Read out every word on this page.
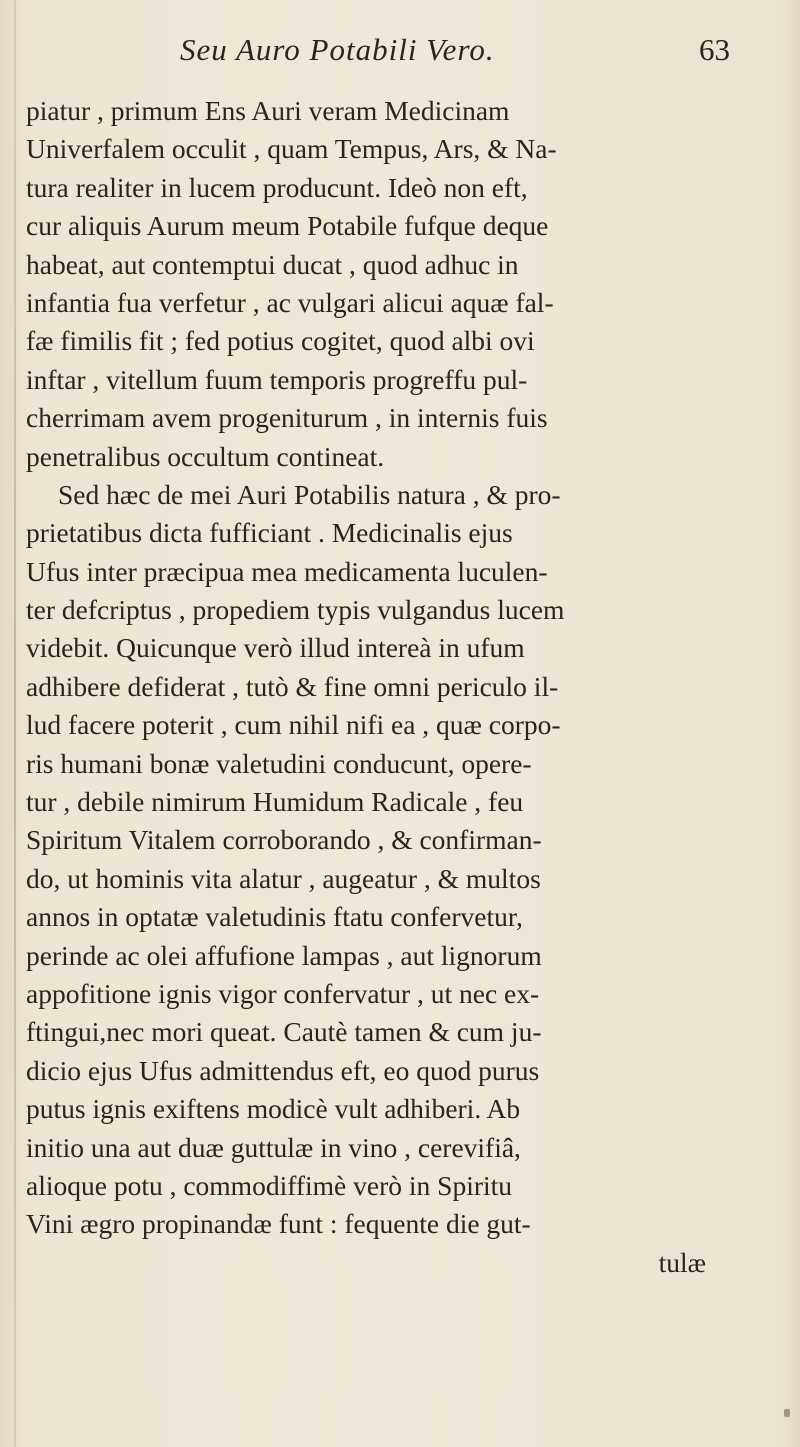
Seu Auro Potabili Vero.	63
piatur , primum Ens Auri veram Medicinam
Univerfalem occulit , quam Tempus, Ars, & Na-
tura realiter in lucem producunt. Ideò non eft,
cur aliquis Aurum meum Potabile fufque deque
habeat, aut contemptui ducat , quod adhuc in
infantia fua verfetur , ac vulgari alicui aquæ fal-
fæ fimilis fit ; fed potius cogitet, quod albi ovi
inftar , vitellum fuum temporis progreffu pul-
cherrimam avem progeniturum , in internis fuis
penetralibus occultum contineat.
Sed hæc de mei Auri Potabilis natura , & pro-
prietatibus dicta fufficiant . Medicinalis ejus
Ufus inter præcipua mea medicamenta luculen-
ter defcriptus , propediem typis vulgandus lucem
videbit. Quicunque verò illud intereà in ufum
adhibere defiderat , tutò & fine omni periculo il-
lud facere poterit , cum nihil nifi ea , quæ corpo-
ris humani bonæ valetudini conducunt, opere-
tur , debile nimirum Humidum Radicale , feu
Spiritum Vitalem corroborando , & confirman-
do, ut hominis vita alatur , augeatur , & multos
annos in optatæ valetudinis ftatu confervetur,
perinde ac olei affufione lampas , aut lignorum
appofitione ignis vigor confervatur , ut nec ex-
ftingui,nec mori queat. Cautè tamen & cum ju-
dicio ejus Ufus admittendus eft, eo quod purus
putus ignis exiftens modicè vult adhiberi. Ab
initio una aut duæ guttulæ in vino , cerevifiâ,
alioque potu , commodiffimè verò in Spiritu
Vini ægro propinandæ funt : fequente die gut-
tulæ
